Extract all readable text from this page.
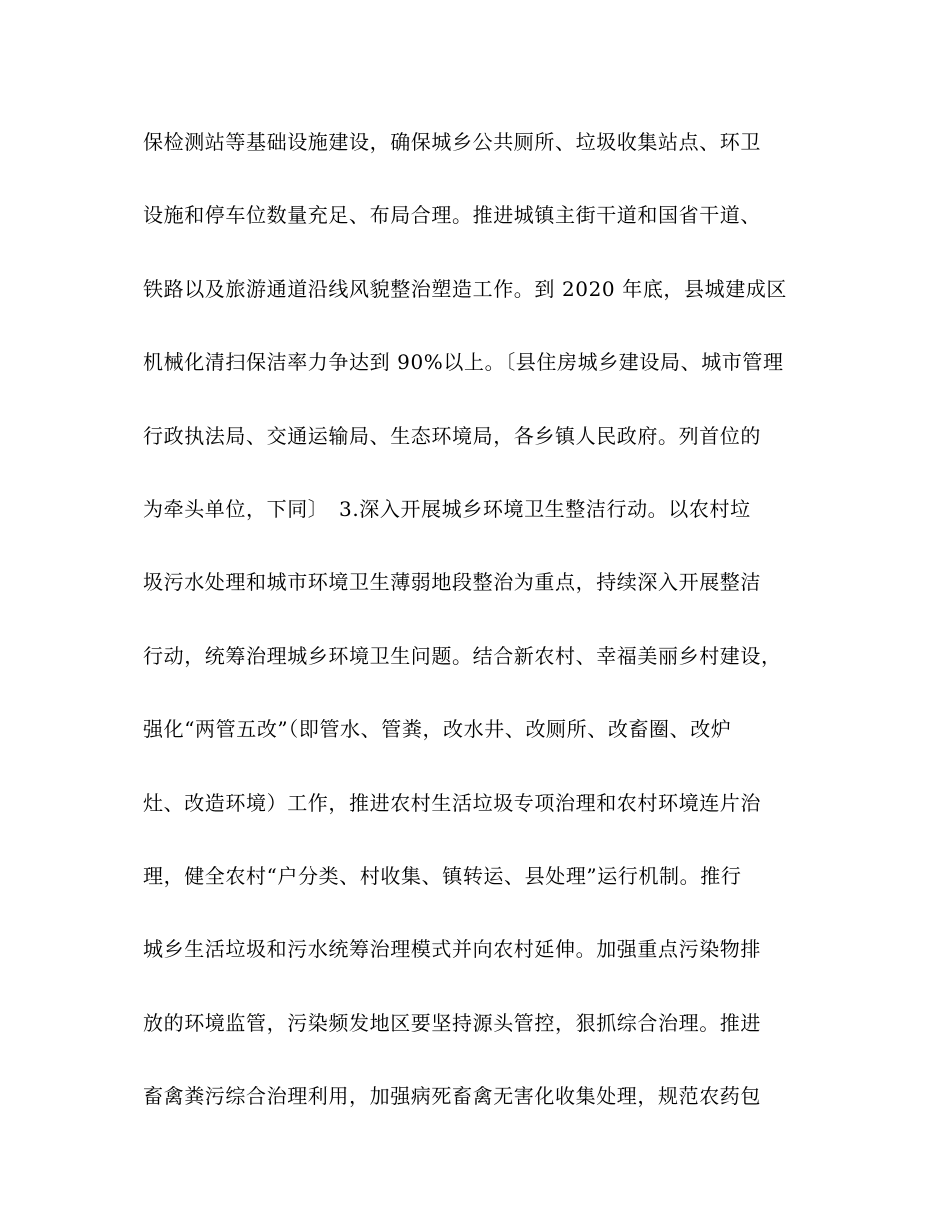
保检测站等基础设施建设，确保城乡公共厕所、垃圾收集站点、环卫
设施和停车位数量充足、布局合理。推进城镇主街干道和国省干道、
铁路以及旅游通道沿线风貌整治塑造工作。到 2020 年底，县城建成区
机械化清扫保洁率力争达到 90%以上。〔县住房城乡建设局、城市管理
行政执法局、交通运输局、生态环境局，各乡镇人民政府。列首位的
为牵头单位，下同〕　3.深入开展城乡环境卫生整洁行动。以农村垃
圾污水处理和城市环境卫生薄弱地段整治为重点，持续深入开展整洁
行动，统筹治理城乡环境卫生问题。结合新农村、幸福美丽乡村建设，
强化“两管五改”（即管水、管粪，改水井、改厕所、改畜圈、改炉
灶、改造环境）工作，推进农村生活垃圾专项治理和农村环境连片治
理，健全农村“户分类、村收集、镇转运、县处理”运行机制。推行
城乡生活垃圾和污水统筹治理模式并向农村延伸。加强重点污染物排
放的环境监管，污染频发地区要坚持源头管控，狠抓综合治理。推进
畜禽粪污综合治理利用，加强病死畜禽无害化收集处理，规范农药包
